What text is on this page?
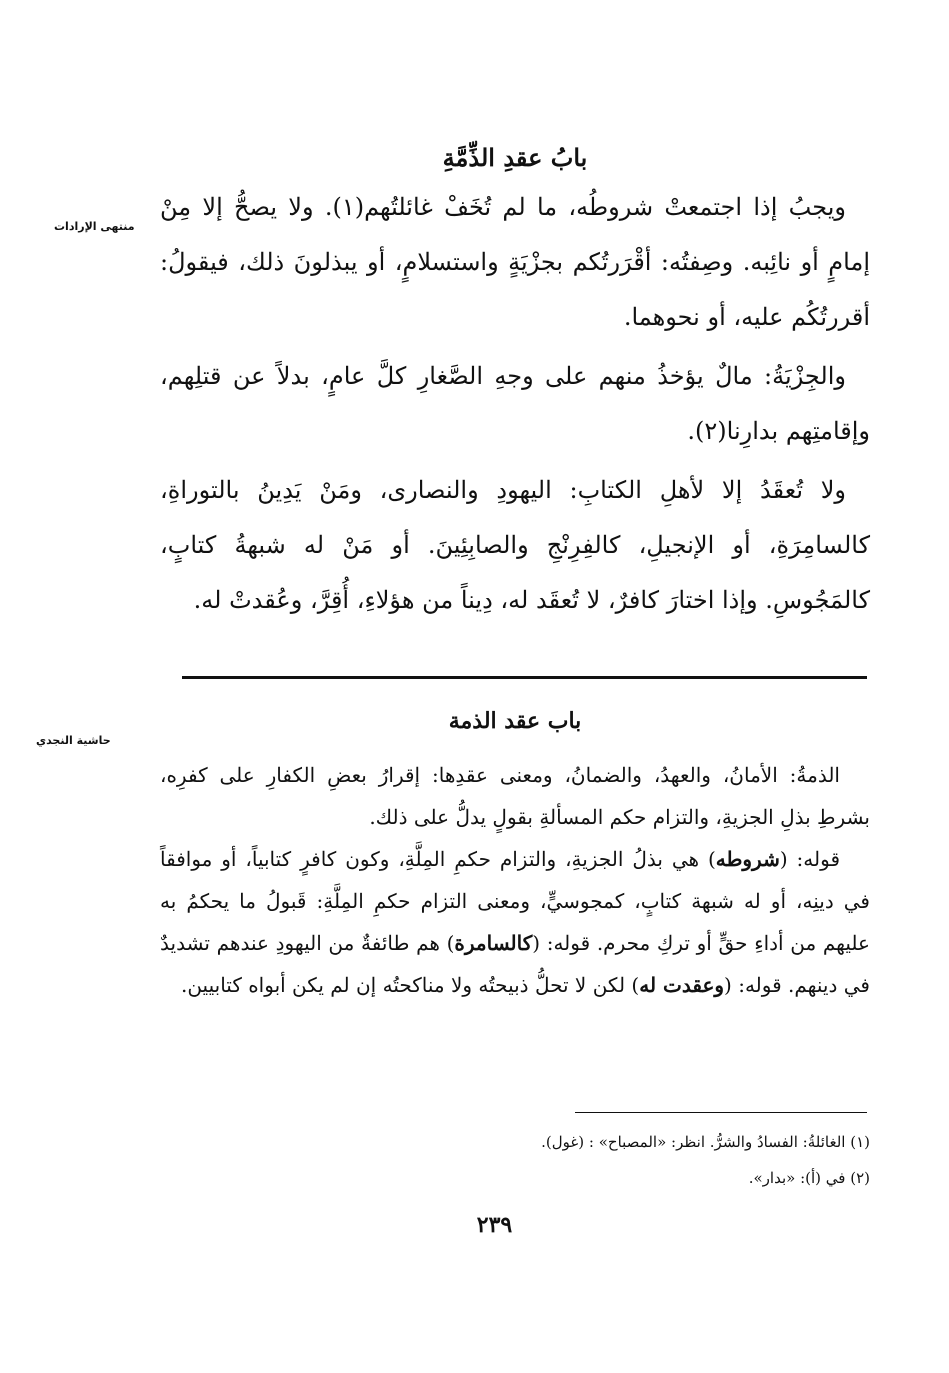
منتهى الإرادات
حاشية النجدي
بابُ عقدِ الذِّمَّةِ

ويجبُ إذا اجتمعتْ شروطُه، ما لم تُخَفْ غائلتُهم(١). ولا يصحُّ إلا مِنْ إمامٍ أو نائِبه. وصِفتُه: أقْرَرتُكم بجزْيَةٍ واستسلامٍ، أو يبذلونَ ذلك، فيقولُ: أقررتُكُم عليه، أو نحوهما.

والجِزْيَةُ: مالٌ يؤخذُ منهم على وجهِ الصَّغارِ كلَّ عامٍ، بدلاً عن قتلِهم، وإقامتِهم بدارِنا(٢).

ولا تُعقَدُ إلا لأهلِ الكتابِ: اليهودِ والنصارى، ومَنْ يَدِينُ بالتوراةِ، كالسامِرَةِ، أو الإنجيلِ، كالفِرِنْجِ والصابِئِينَ. أو مَنْ له شبهةُ كتابٍ، كالمَجُوسِ. وإذا اختارَ كافرٌ، لا تُعقَد له، دِيناً من هؤلاءِ، أُقِرَّ، وعُقدتْ له.

باب عقد الذمة

الذمةُ: الأمانُ، والعهدُ، والضمانُ، ومعنى عقدِها: إقرارُ بعضِ الكفارِ على كفرِه، بشرطِ بذلِ الجزيةِ، والتزام حكم المسألةِ بقولٍ يدلُّ على ذلك.

قوله: (شروطه) هي بذلُ الجزيةِ، والتزام حكمِ المِلَّةِ، وكون كافرٍ كتابياً، أو موافقاً في دينِه، أو له شبهة كتابٍ، كمجوسيٍّ، ومعنى التزام حكمِ المِلَّةِ: قَبولُ ما يحكمُ به عليهم من أداءِ حقٍّ أو تركِ محرم. قوله: (كالسامرة) هم طائفةٌ من اليهودِ عندهم تشديدٌ في دينهم. قوله: (وعقدت له) لكن لا تحلُّ ذبيحتُه ولا مناكحتُه إن لم يكن أبواه كتابيين.

(١) الغائلةُ: الفسادُ والشرُّ. انظر: «المصباح» : (غول).

(٢) في (أ): «بدار».

٢٣٩
